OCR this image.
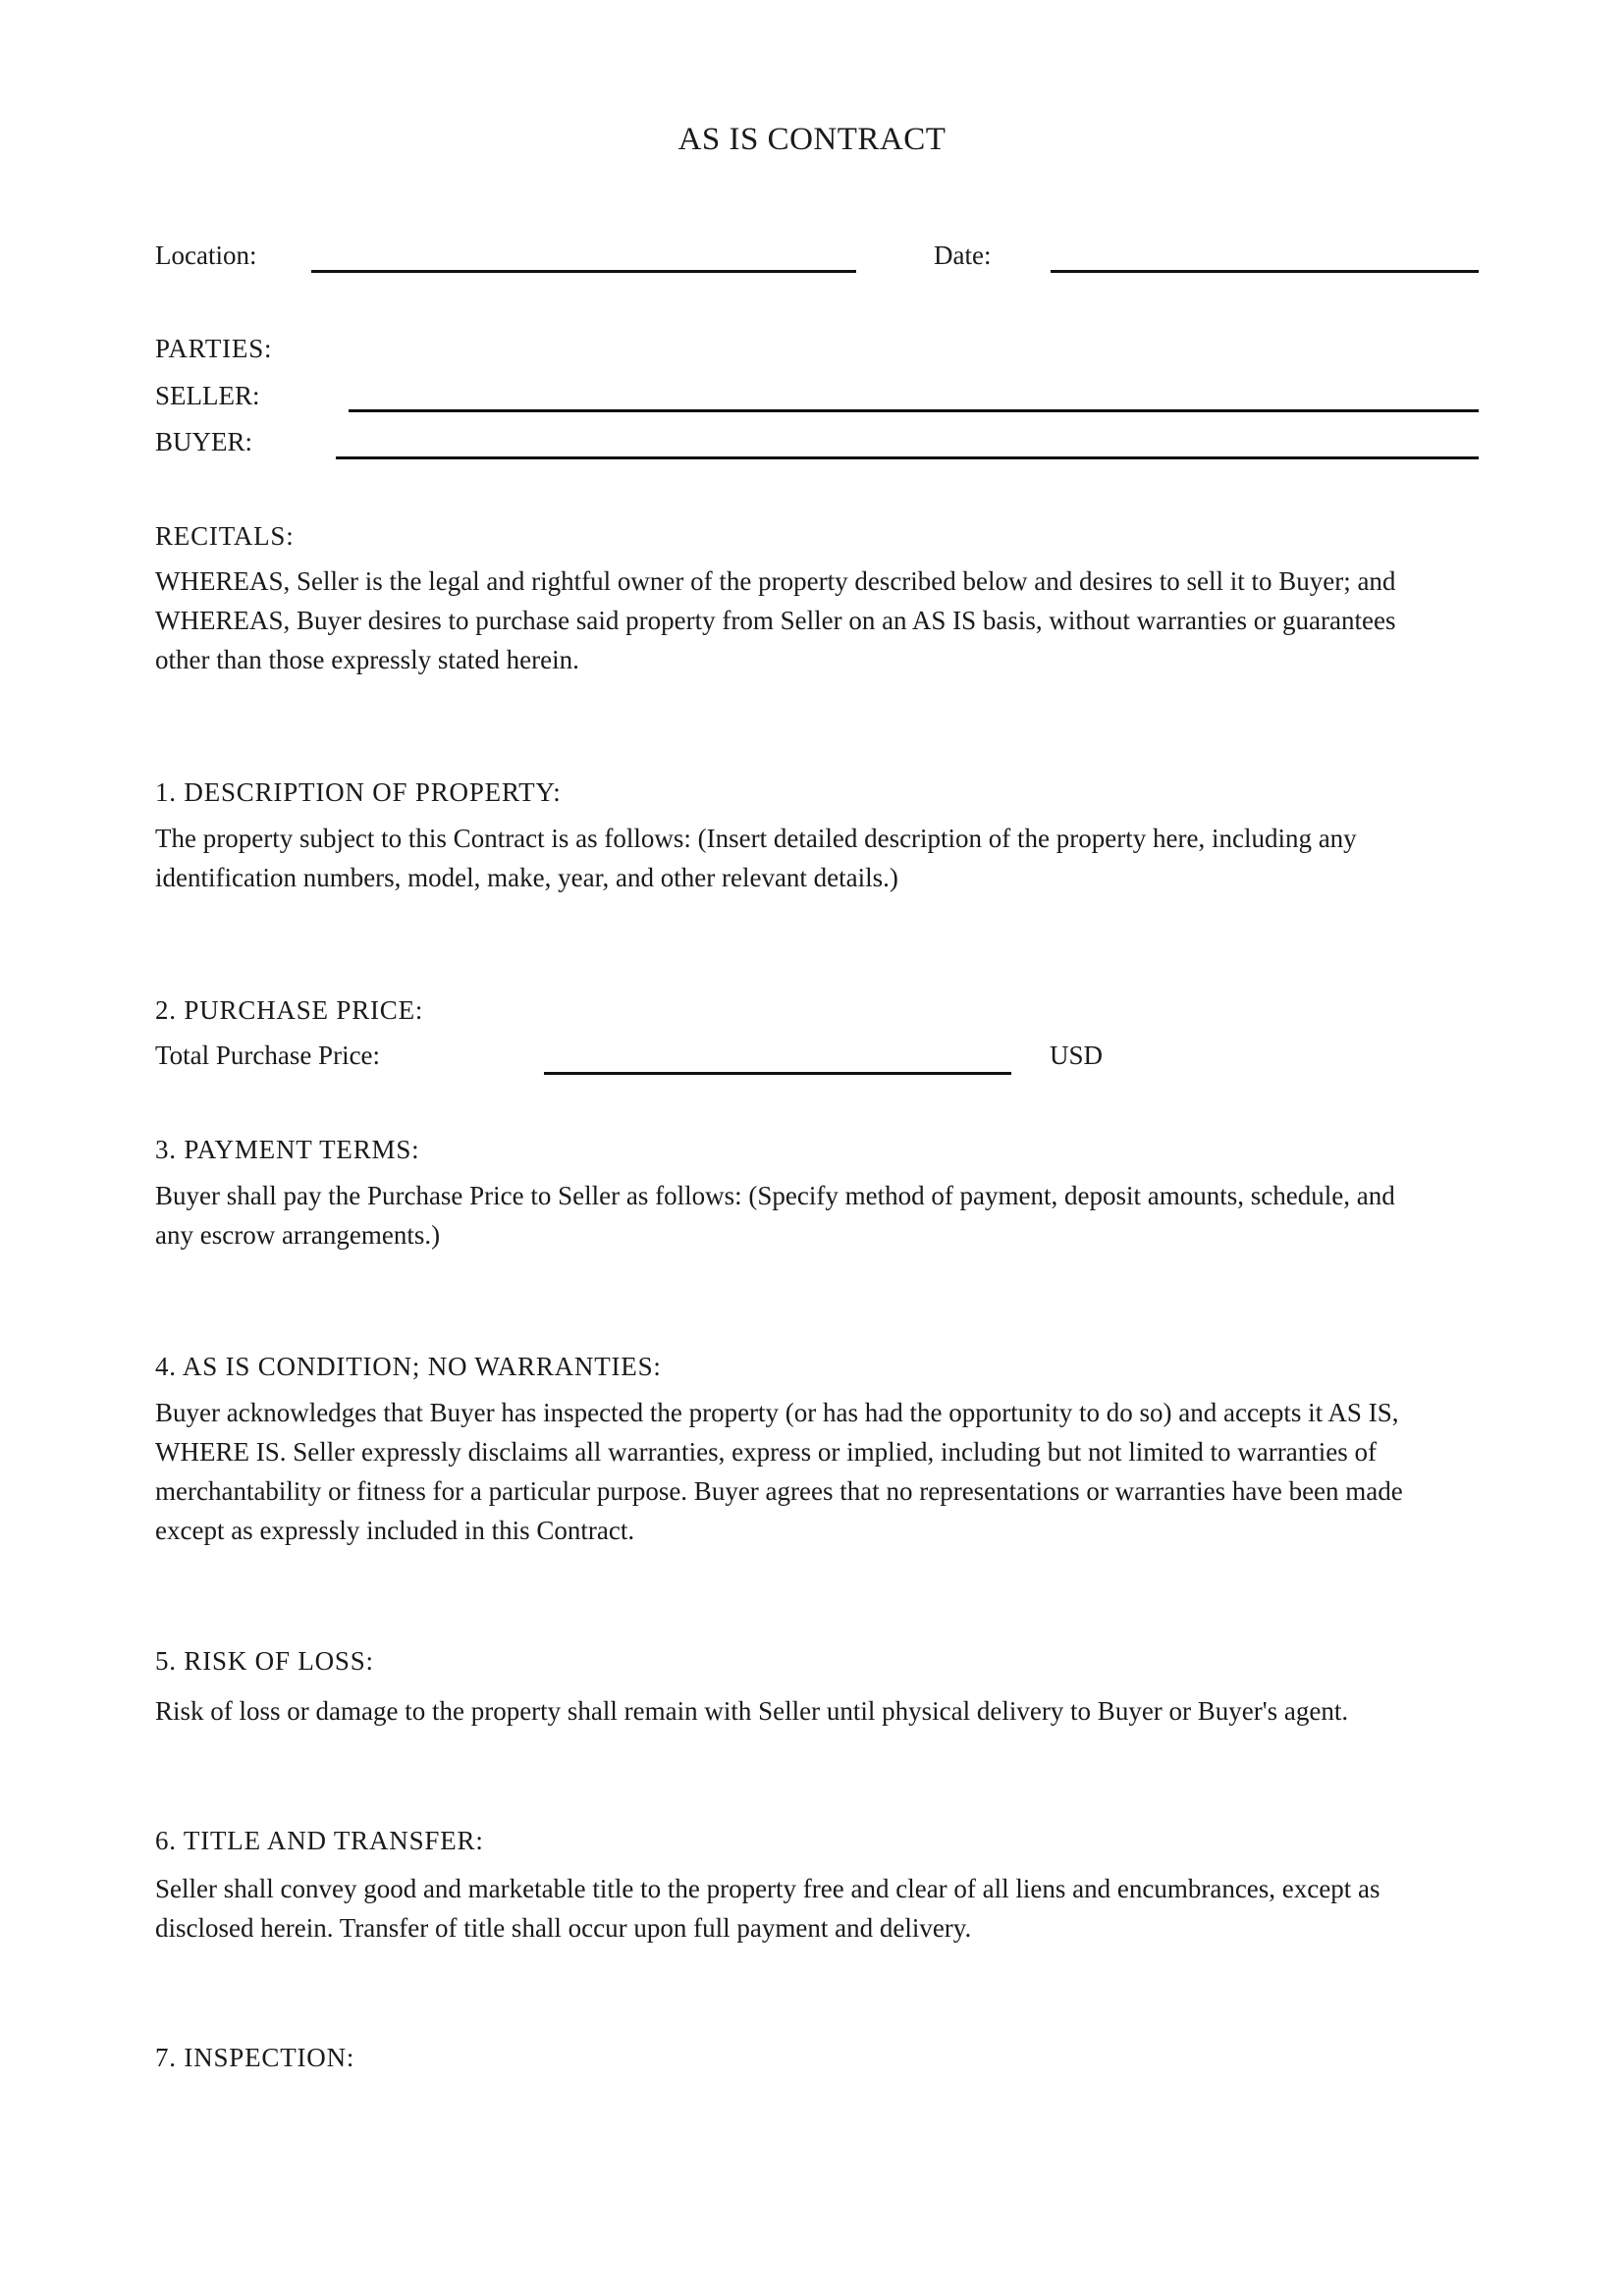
AS IS CONTRACT
Location:	Date:
PARTIES:
SELLER:
BUYER:
RECITALS:
WHEREAS, Seller is the legal and rightful owner of the property described below and desires to sell it to Buyer; and
WHEREAS, Buyer desires to purchase said property from Seller on an AS IS basis, without warranties or guarantees
other than those expressly stated herein.
1. DESCRIPTION OF PROPERTY:
The property subject to this Contract is as follows: (Insert detailed description of the property here, including any
identification numbers, model, make, year, and other relevant details.)
2. PURCHASE PRICE:
Total Purchase Price:	USD
3. PAYMENT TERMS:
Buyer shall pay the Purchase Price to Seller as follows: (Specify method of payment, deposit amounts, schedule, and
any escrow arrangements.)
4. AS IS CONDITION; NO WARRANTIES:
Buyer acknowledges that Buyer has inspected the property (or has had the opportunity to do so) and accepts it AS IS,
WHERE IS. Seller expressly disclaims all warranties, express or implied, including but not limited to warranties of
merchantability or fitness for a particular purpose. Buyer agrees that no representations or warranties have been made
except as expressly included in this Contract.
5. RISK OF LOSS:
Risk of loss or damage to the property shall remain with Seller until physical delivery to Buyer or Buyer's agent.
6. TITLE AND TRANSFER:
Seller shall convey good and marketable title to the property free and clear of all liens and encumbrances, except as
disclosed herein. Transfer of title shall occur upon full payment and delivery.
7. INSPECTION:
